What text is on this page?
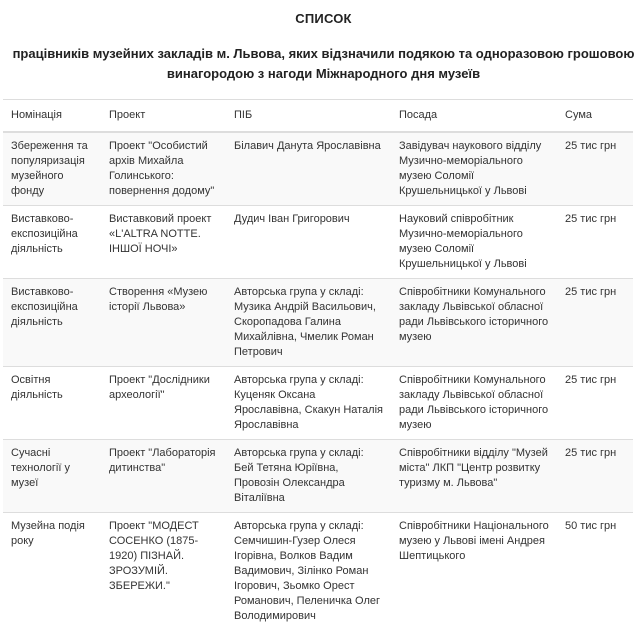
СПИСОК
працівників музейних закладів м. Львова, яких відзначили подякою та одноразовою грошовою винагородою з нагоди Міжнародного дня музеїв
Номінація	Проект	ПІБ	Посада	Сума
Збереження та популяризація музейного фонду	Проект "Особистий архів Михайла Голинського: повернення додому"	Білавич Данута Ярославівна	Завідувач наукового відділу Музично-меморіального музею Соломії Крушельницької у Львові	25 тис грн
Виставково-експозиційна діяльність	Виставковий проект «L'ALTRA NOTTE. ІНШОЇ НОЧІ»	Дудич Іван Григорович	Науковий співробітник Музично-меморіального музею Соломії Крушельницької у Львові	25 тис грн
Виставково-експозиційна діяльність	Створення «Музею історії Львова»	Авторська група у складі: Музика Андрій Васильович, Скоропадова Галина Михайлівна, Чмелик Роман Петрович	Співробітники Комунального закладу Львівської обласної ради Львівського історичного музею	25 тис грн
Освітня діяльність	Проект "Дослідники археології"	Авторська група у складі: Куценяк Оксана Ярославівна, Скакун Наталія Ярославівна	Співробітники Комунального закладу Львівської обласної ради Львівського історичного музею	25 тис грн
Сучасні технології у музеї	Проект "Лабораторія дитинства"	Авторська група у складі: Бей Тетяна Юріївна, Провозін Олександра Віталіївна	Співробітники відділу "Музей міста" ЛКП "Центр розвитку туризму м. Львова"	25 тис грн
Музейна подія року	Проект "МОДЕСТ СОСЕНКО (1875-1920) ПІЗНАЙ. ЗРОЗУМІЙ. ЗБЕРЕЖИ."	Авторська група у складі: Семчишин-Гузер Олеся Ігорівна, Волков Вадим Вадимович, Зілінко Роман Ігорович, Зьомко Орест Романович, Пеленичка Олег Володимирович	Співробітники Національного музею у Львові імені Андрея Шептицького	50 тис грн
